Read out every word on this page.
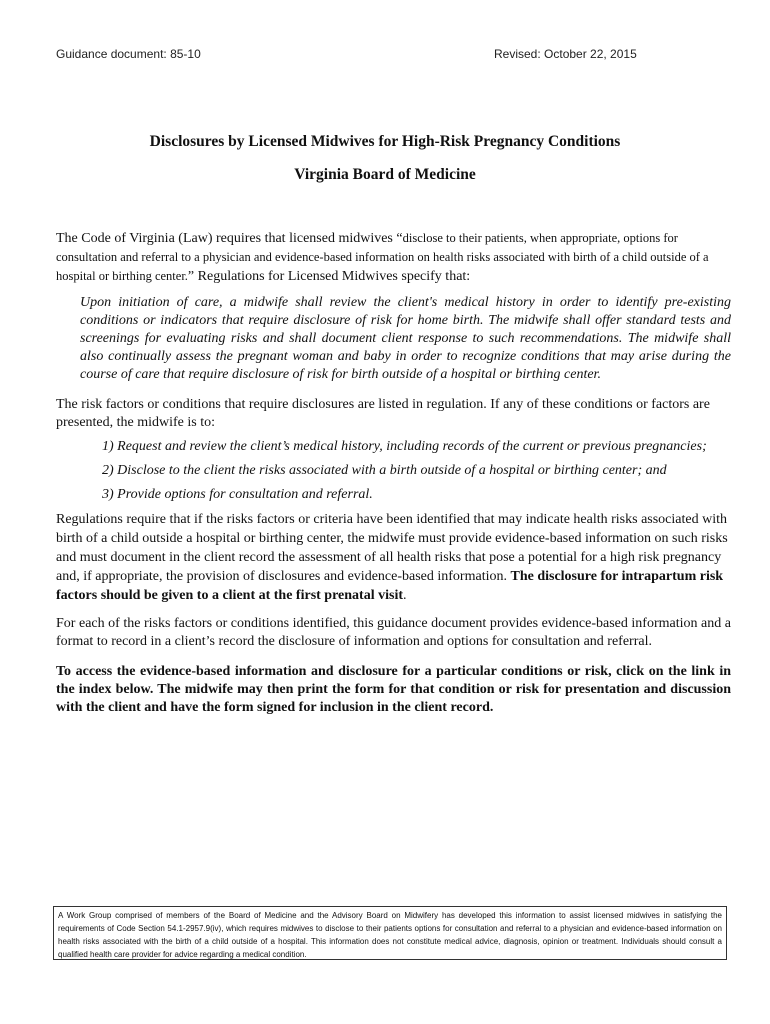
Guidance document: 85-10	Revised: October 22, 2015
Disclosures by Licensed Midwives for High-Risk Pregnancy Conditions
Virginia Board of Medicine

The Code of Virginia (Law) requires that licensed midwives “disclose to their patients, when appropriate, options for consultation and referral to a physician and evidence-based information on health risks associated with birth of a child outside of a hospital or birthing center.” Regulations for Licensed Midwives specify that:

Upon initiation of care, a midwife shall review the client's medical history in order to identify pre-existing conditions or indicators that require disclosure of risk for home birth. The midwife shall offer standard tests and screenings for evaluating risks and shall document client response to such recommendations. The midwife shall also continually assess the pregnant woman and baby in order to recognize conditions that may arise during the course of care that require disclosure of risk for birth outside of a hospital or birthing center.

The risk factors or conditions that require disclosures are listed in regulation. If any of these conditions or factors are presented, the midwife is to:

1) Request and review the client’s medical history, including records of the current or previous pregnancies;
2) Disclose to the client the risks associated with a birth outside of a hospital or birthing center; and
3) Provide options for consultation and referral.

Regulations require that if the risks factors or criteria have been identified that may indicate health risks associated with birth of a child outside a hospital or birthing center, the midwife must provide evidence-based information on such risks and must document in the client record the assessment of all health risks that pose a potential for a high risk pregnancy and, if appropriate, the provision of disclosures and evidence-based information. The disclosure for intrapartum risk factors should be given to a client at the first prenatal visit.

For each of the risks factors or conditions identified, this guidance document provides evidence-based information and a format to record in a client’s record the disclosure of information and options for consultation and referral.

To access the evidence-based information and disclosure for a particular conditions or risk, click on the link in the index below. The midwife may then print the form for that condition or risk for presentation and discussion with the client and have the form signed for inclusion in the client record.

A Work Group comprised of members of the Board of Medicine and the Advisory Board on Midwifery has developed this information to assist licensed midwives in satisfying the requirements of Code Section 54.1-2957.9(iv), which requires midwives to disclose to their patients options for consultation and referral to a physician and evidence-based information on health risks associated with the birth of a child outside of a hospital. This information does not constitute medical advice, diagnosis, opinion or treatment. Individuals should consult a qualified health care provider for advice regarding a medical condition.
